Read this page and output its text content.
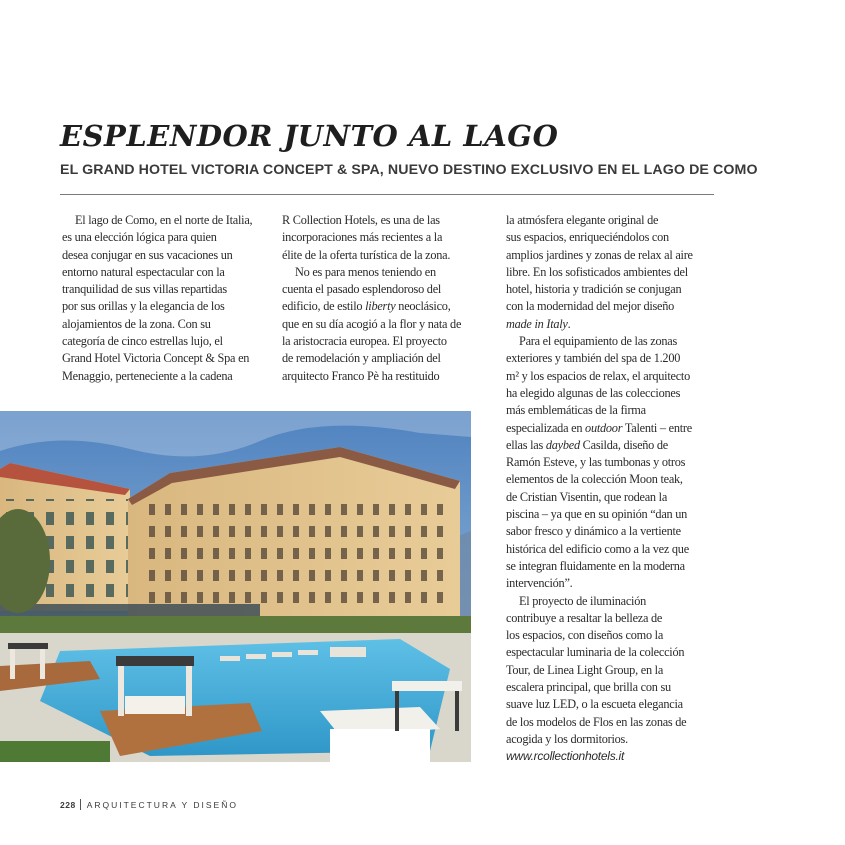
ESPLENDOR JUNTO AL LAGO
EL GRAND HOTEL VICTORIA CONCEPT & SPA, NUEVO DESTINO EXCLUSIVO EN EL LAGO DE COMO

El lago de Como, en el norte de Italia,
es una elección lógica para quien
desea conjugar en sus vacaciones un
entorno natural espectacular con la
tranquilidad de sus villas repartidas
por sus orillas y la elegancia de los
alojamientos de la zona. Con su
categoría de cinco estrellas lujo, el
Grand Hotel Victoria Concept & Spa en
Menaggio, perteneciente a la cadena

R Collection Hotels, es una de las
incorporaciones más recientes a la
élite de la oferta turística de la zona.

No es para menos teniendo en
cuenta el pasado esplendoroso del
edificio, de estilo liberty neoclásico,
que en su día acogió a la flor y nata de
la aristocracia europea. El proyecto
de remodelación y ampliación del
arquitecto Franco Pè ha restituido

la atmósfera elegante original de
sus espacios, enriqueciéndolos con
amplios jardines y zonas de relax al aire
libre. En los sofisticados ambientes del
hotel, historia y tradición se conjugan
con la modernidad del mejor diseño
made in Italy.

Para el equipamiento de las zonas
exteriores y también del spa de 1.200
m² y los espacios de relax, el arquitecto
ha elegido algunas de las colecciones
más emblemáticas de la firma
especializada en outdoor Talenti – entre
ellas las daybed Casilda, diseño de
Ramón Esteve, y las tumbonas y otros
elementos de la colección Moon teak,
de Cristian Visentin, que rodean la
piscina – ya que en su opinión “dan un
sabor fresco y dinámico a la vertiente
histórica del edificio como a la vez que
se integran fluidamente en la moderna
intervención”.

El proyecto de iluminación
contribuye a resaltar la belleza de
los espacios, con diseños como la
espectacular luminaria de la colección
Tour, de Linea Light Group, en la
escalera principal, que brilla con su
suave luz LED, o la escueta elegancia
de los modelos de Flos en las zonas de
acogida y los dormitorios.
www.rcollectionhotels.it

228 ARQUITECTURA Y DISEÑO
